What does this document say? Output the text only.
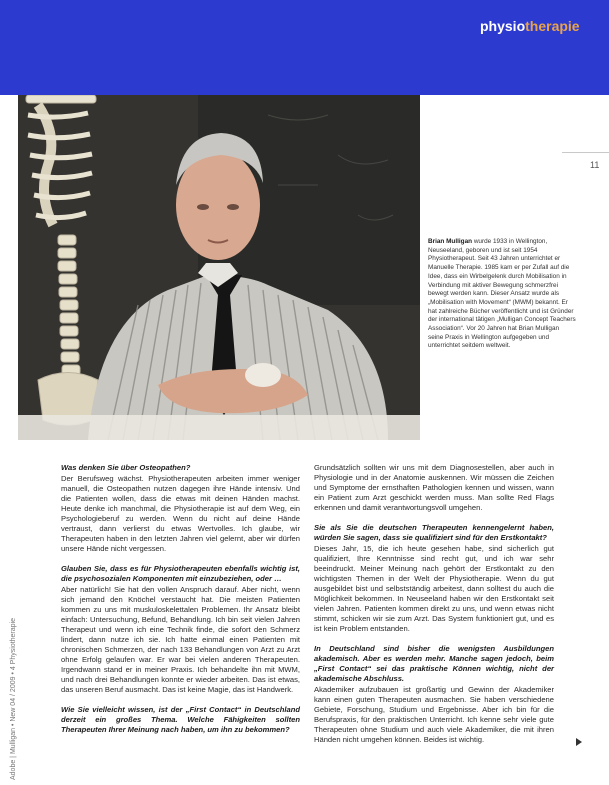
physiotherapie

Brian Mulligan wurde 1933 in Wellington, Neuseeland, geboren und ist seit 1954 Physiotherapeut. Seit 43 Jahren unterrichtet er Manuelle Therapie. 1985 kam er per Zufall auf die Idee, dass ein Wirbelgelenk durch Mobilisation in Verbindung mit aktiver Bewegung schmerzfrei bewegt werden kann. Dieser Ansatz wurde als „Mobilisation with Movement“ (MWM) bekannt. Er hat zahlreiche Bücher veröffentlicht und ist Gründer der international tätigen „Mulligan Concept Teachers Association“. Vor 20 Jahren hat Brian Mulligan seine Praxis in Wellington aufgegeben und unterrichtet seitdem weltweit.

11
Adobe | Mulligan • New 04 / 2009 • 4 Physiotherapie

Was denken Sie über Osteopathen?

Der Berufsweg wächst. Physiotherapeuten arbeiten immer weniger manuell, die Osteopathen nutzen dagegen ihre Hände intensiv. Und die Patienten wollen, dass die etwas mit deinen Händen machst. Heute denke ich manchmal, die Physiotherapie ist auf dem Weg, ein Psychologieberuf zu werden. Wenn du nicht auf deine Hände vertraust, dann verlierst du etwas Wertvolles. Ich glaube, wir Therapeuten haben in den letzten Jahren viel gelernt, aber wir dürfen unsere Hände nicht vergessen.

Glauben Sie, dass es für Physiotherapeuten ebenfalls wichtig ist, die psychosozialen Komponenten mit einzubeziehen, oder …

Aber natürlich! Sie hat den vollen Anspruch darauf. Aber nicht, wenn sich jemand den Knöchel verstaucht hat. Die meisten Patienten kommen zu uns mit muskuloskelettalen Problemen. Ihr Ansatz bleibt einfach: Untersuchung, Befund, Behandlung. Ich bin seit vielen Jahren Therapeut und wenn ich eine Technik finde, die sofort den Schmerz lindert, dann nutze ich sie. Ich hatte einmal einen Patienten mit chronischen Schmerzen, der nach 133 Behandlungen von Arzt zu Arzt ohne Erfolg gelaufen war. Er war bei vielen anderen Therapeuten. Irgendwann stand er in meiner Praxis. Ich behandelte ihn mit MWM, und nach drei Behandlungen konnte er wieder arbeiten. Das ist etwas, das unseren Beruf ausmacht. Das ist keine Magie, das ist Handwerk.

Wie Sie vielleicht wissen, ist der „First Contact“ in Deutschland derzeit ein großes Thema. Welche Fähigkeiten sollten Therapeuten Ihrer Meinung nach haben, um ihn zu bekommen?

Grundsätzlich sollten wir uns mit dem Diagnosestellen, aber auch in Physiologie und in der Anatomie auskennen. Wir müssen die Zeichen und Symptome der ernsthaften Pathologien kennen und wissen, wann ein Patient zum Arzt geschickt werden muss. Man sollte Red Flags erkennen und damit verantwortungsvoll umgehen.

Sie als Sie die deutschen Therapeuten kennengelernt haben, würden Sie sagen, dass sie qualifiziert sind für den Erstkontakt?

Dieses Jahr, 15, die ich heute gesehen habe, sind sicherlich gut qualifiziert, Ihre Kenntnisse sind recht gut, und ich war sehr beeindruckt. Meiner Meinung nach gehört der Erstkontakt zu den wichtigsten Themen in der Welt der Physiotherapie. Wenn du gut ausgebildet bist und selbstständig arbeitest, dann solltest du auch die Möglichkeit bekommen. In Neuseeland haben wir den Erstkontakt seit vielen Jahren. Patienten kommen direkt zu uns, und wenn etwas nicht stimmt, schicken wir sie zum Arzt. Das System funktioniert gut, und es ist kein Problem entstanden.

In Deutschland sind bisher die wenigsten Ausbildungen akademisch. Aber es werden mehr. Manche sagen jedoch, beim „First Contact“ sei das praktische Können wichtig, nicht der akademische Abschluss.

Akademiker aufzubauen ist großartig und Gewinn der Akademiker kann einen guten Therapeuten ausmachen. Sie haben verschiedene Gebiete, Forschung, Studium und Ergebnisse. Aber ich bin für die Berufspraxis, für den praktischen Unterricht. Ich kenne sehr viele gute Therapeuten ohne Studium und auch viele Akademiker, die mit ihren Händen nicht umgehen können. Beides ist wichtig.
